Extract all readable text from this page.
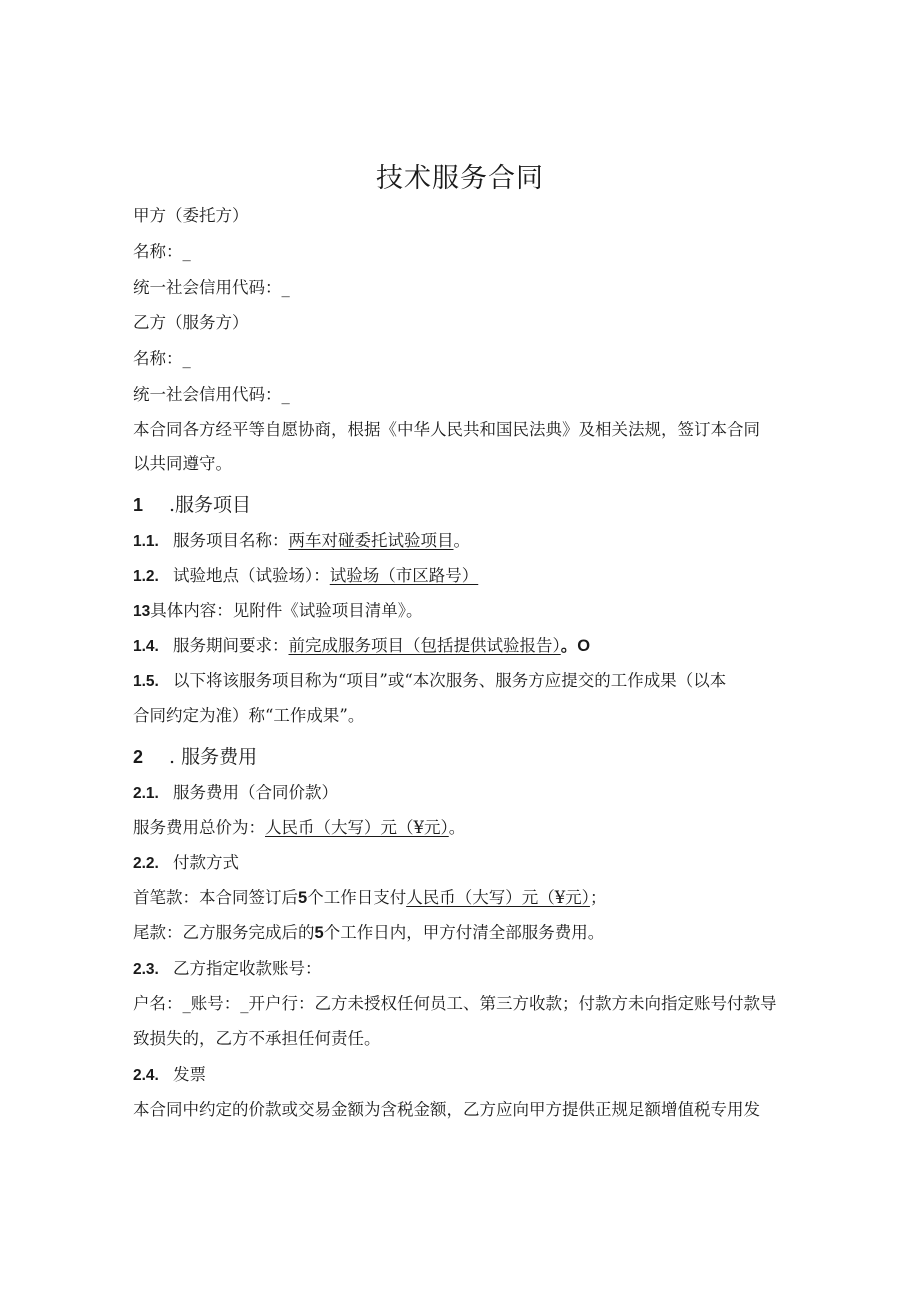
技术服务合同
甲方（委托方）
名称：_
统一社会信用代码：_
乙方（服务方）
名称：_
统一社会信用代码：_
本合同各方经平等自愿协商，根据《中华人民共和国民法典》及相关法规，签订本合同
以共同遵守。
1 .服务项目
1.1. 服务项目名称：两车对碰委托试验项目。
1.2. 试验地点（试验场）：试验场（市区路号）
13具体内容：见附件《试验项目清单》。
1.4. 服务期间要求：前完成服务项目（包括提供试验报告）。O
1.5. 以下将该服务项目称为“项目”或“本次服务、服务方应提交的工作成果（以本
合同约定为准）称“工作成果”。
2 . 服务费用
2.1. 服务费用（合同价款）
服务费用总价为：人民币（大写）元（¥元）。
2.2. 付款方式
首笔款：本合同签订后5个工作日支付人民币（大写）元（¥元）；
尾款：乙方服务完成后的5个工作日内，甲方付清全部服务费用。
2.3. 乙方指定收款账号：
户名：_账号：_开户行：乙方未授权任何员工、第三方收款；付款方未向指定账号付款导
致损失的，乙方不承担任何责任。
2.4. 发票
本合同中约定的价款或交易金额为含税金额，乙方应向甲方提供正规足额增值税专用发
